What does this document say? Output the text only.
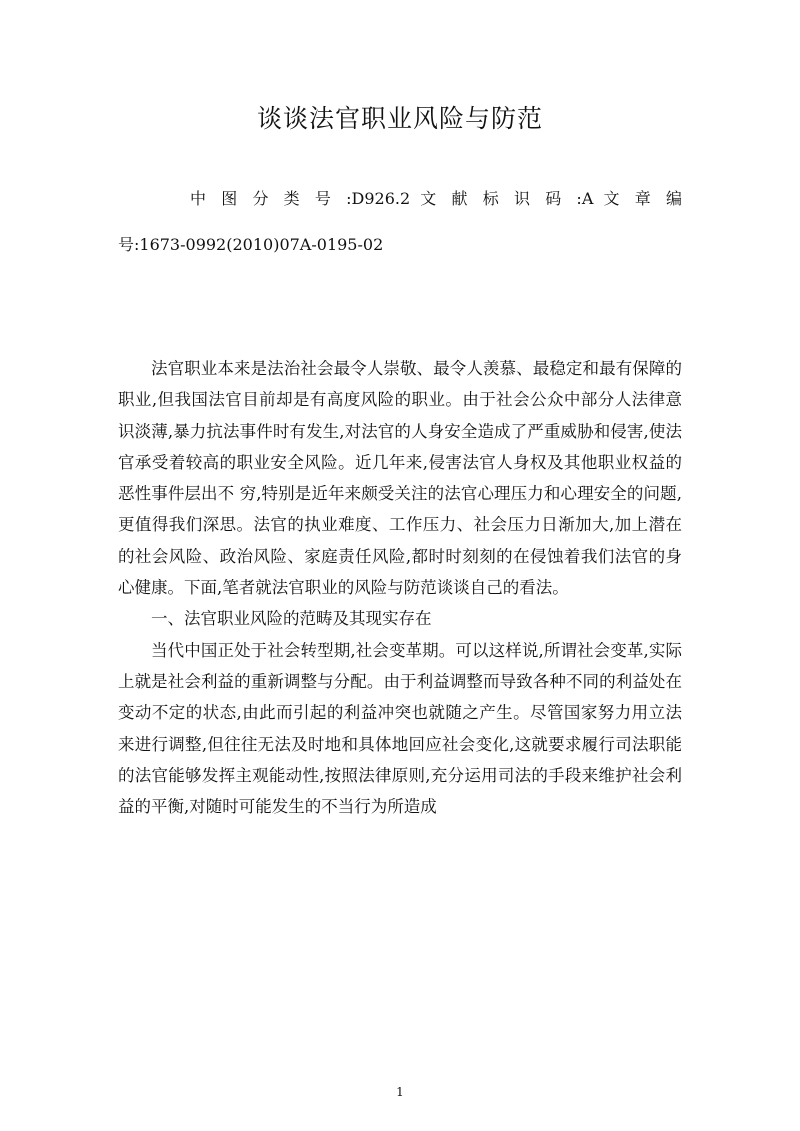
谈谈法官职业风险与防范
中 图 分 类 号 :D926.2 文 献 标 识 码 :A 文 章 编
号:1673-0992(2010)07A-0195-02

法官职业本来是法治社会最令人崇敬、最令人羡慕、最稳定和最有保障的职业,但我国法官目前却是有高度风险的职业。由于社会公众中部分人法律意识淡薄,暴力抗法事件时有发生,对法官的人身安全造成了严重威胁和侵害,使法官承受着较高的职业安全风险。近几年来,侵害法官人身权及其他职业权益的恶性事件层出不 穷,特别是近年来颇受关注的法官心理压力和心理安全的问题,更值得我们深思。法官的执业难度、工作压力、社会压力日渐加大,加上潜在的社会风险、政治风险、家庭责任风险,都时时刻刻的在侵蚀着我们法官的身心健康。下面,笔者就法官职业的风险与防范谈谈自己的看法。

一、法官职业风险的范畴及其现实存在

当代中国正处于社会转型期,社会变革期。可以这样说,所谓社会变革,实际上就是社会利益的重新调整与分配。由于利益调整而导致各种不同的利益处在变动不定的状态,由此而引起的利益冲突也就随之产生。尽管国家努力用立法来进行调整,但往往无法及时地和具体地回应社会变化,这就要求履行司法职能的法官能够发挥主观能动性,按照法律原则,充分运用司法的手段来维护社会利益的平衡,对随时可能发生的不当行为所造成

1
